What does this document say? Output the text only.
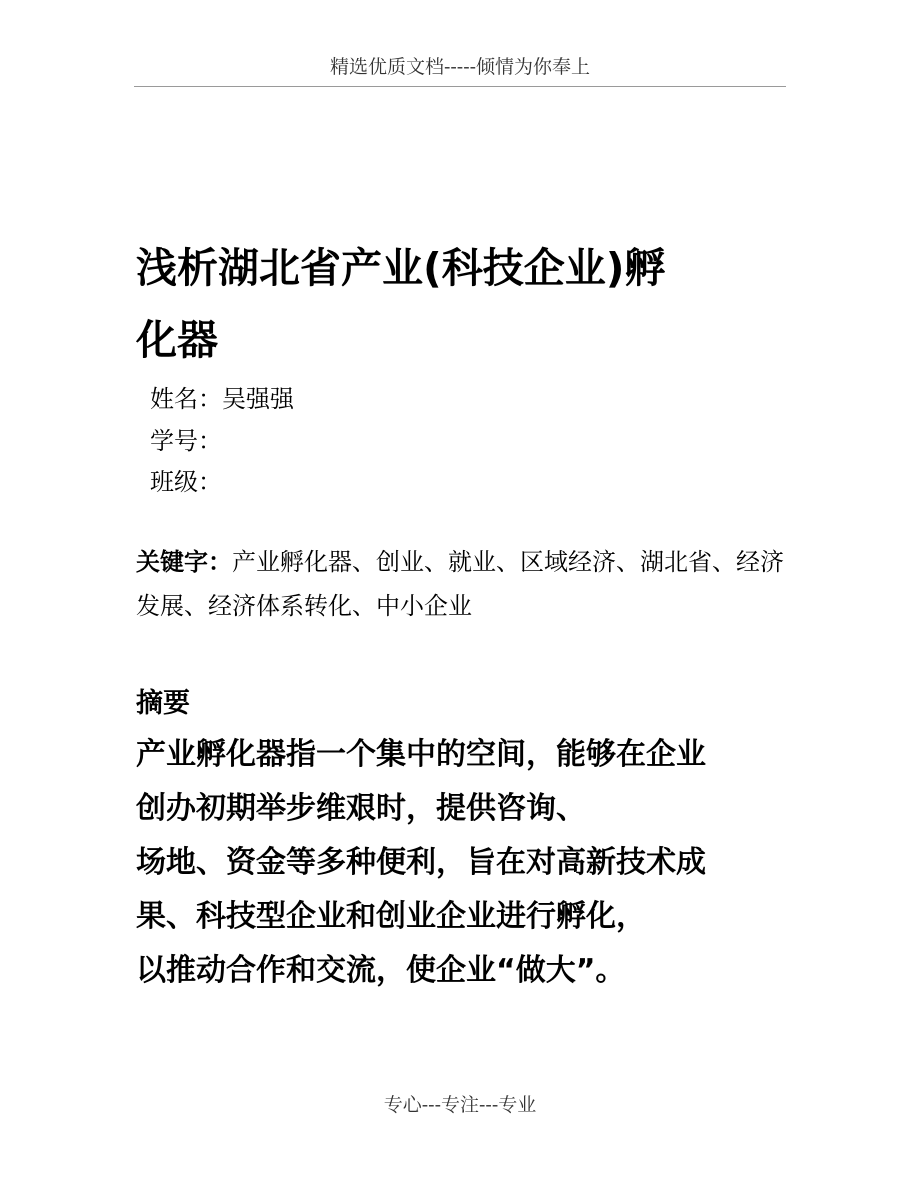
精选优质文档-----倾情为你奉上
浅析湖北省产业(科技企业)孵
化器
姓名：吴强强
学号：
班级：
关键字：产业孵化器、创业、就业、区域经济、湖北省、经济发展、经济体系转化、中小企业
摘要
产业孵化器指一个集中的空间，能够在企业
创办初期举步维艰时，提供咨询、
场地、资金等多种便利，旨在对高新技术成
果、科技型企业和创业企业进行孵化，
以推动合作和交流，使企业“做大”。
专心---专注---专业
